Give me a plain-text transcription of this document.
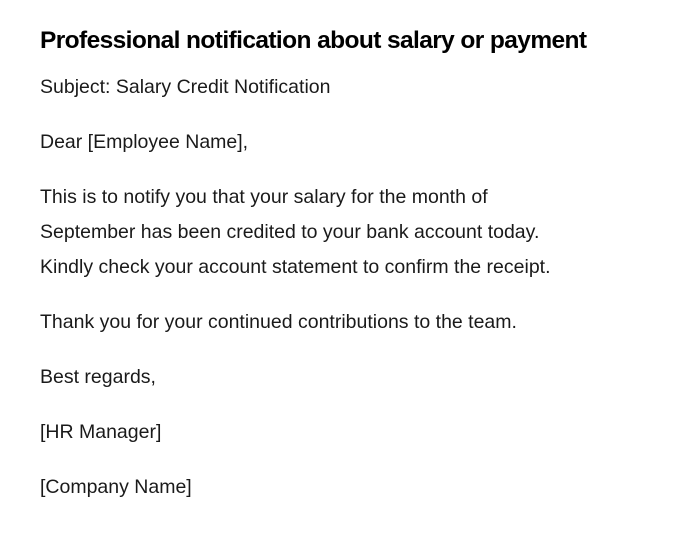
Professional notification about salary or payment

Subject: Salary Credit Notification

Dear [Employee Name],

This is to notify you that your salary for the month of
September has been credited to your bank account today.
Kindly check your account statement to confirm the receipt.

Thank you for your continued contributions to the team.

Best regards,

[HR Manager]

[Company Name]
